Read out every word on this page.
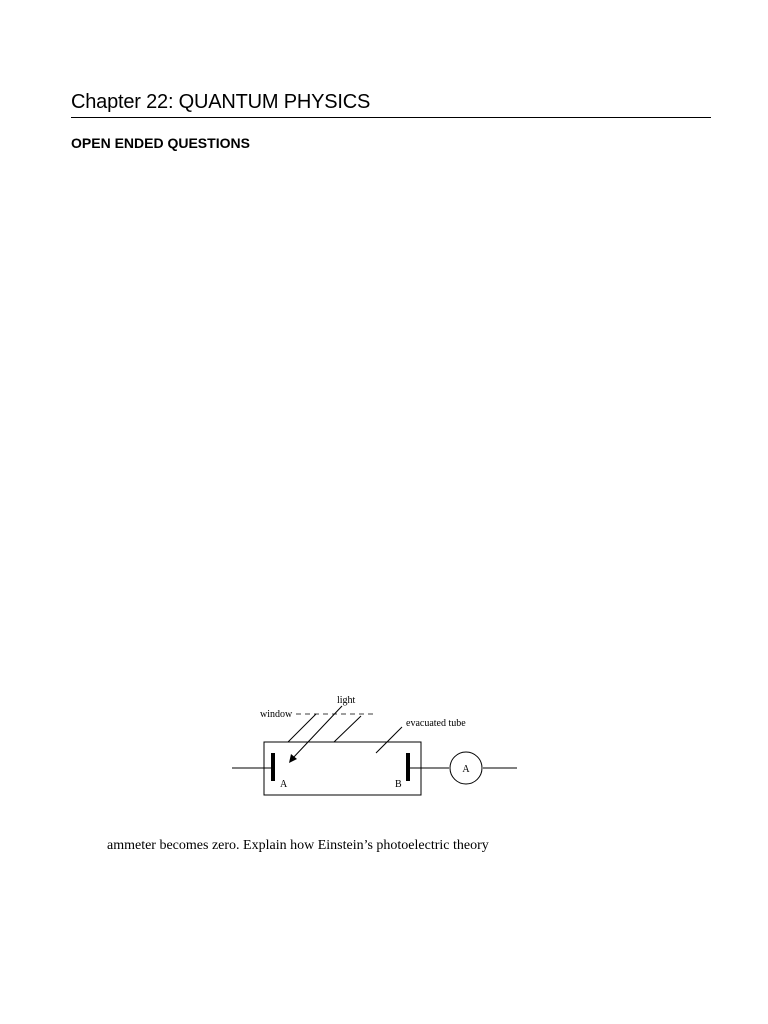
Chapter 22: QUANTUM PHYSICS
OPEN ENDED QUESTIONS
light
window
evacuated tube
A	B
A

ammeter becomes zero. Explain how Einstein’s photoelectric theory
